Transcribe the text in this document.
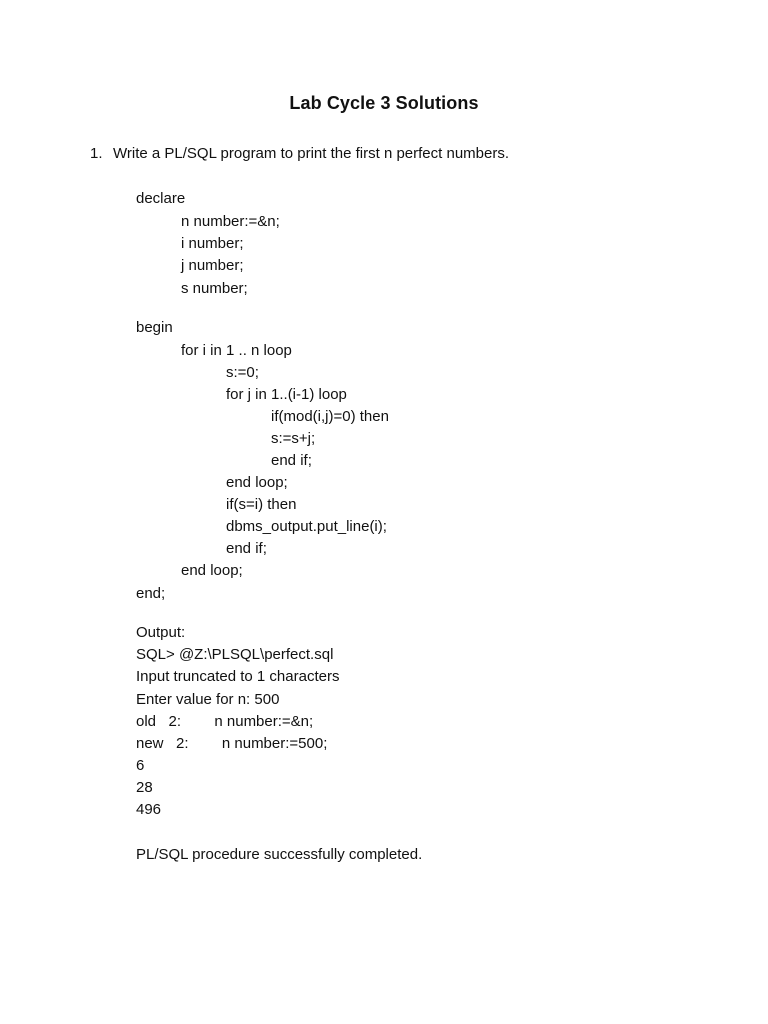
Lab Cycle 3 Solutions
1. Write a PL/SQL program to print the first n perfect numbers.
declare
n number:=&n;
i number;
j number;
s number;
begin
for i in 1 .. n loop
s:=0;
for j in 1..(i-1) loop
if(mod(i,j)=0) then
s:=s+j;
end if;
end loop;
if(s=i) then
dbms_output.put_line(i);
end if;
end loop;
end;
Output:
SQL> @Z:\PLSQL\perfect.sql
Input truncated to 1 characters
Enter value for n: 500
old   2:        n number:=&n;
new   2:        n number:=500;
6
28
496
PL/SQL procedure successfully completed.
